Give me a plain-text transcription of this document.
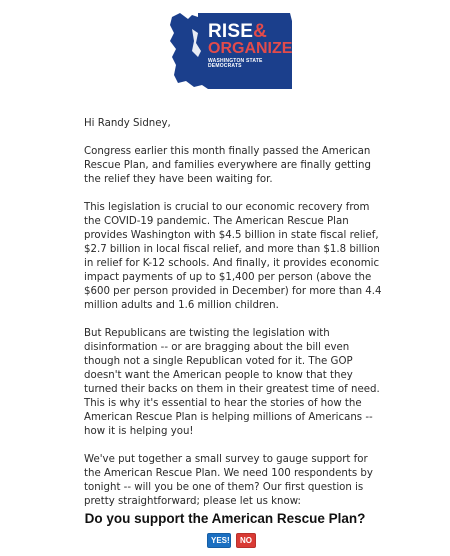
RISE&
ORGANIZE
WASHINGTON STATE DEMOCRATS

Hi Randy Sidney,

Congress earlier this month finally passed the American Rescue Plan, and families everywhere are finally getting the relief they have been waiting for.

This legislation is crucial to our economic recovery from the COVID-19 pandemic. The American Rescue Plan provides Washington with $4.5 billion in state fiscal relief, $2.7 billion in local fiscal relief, and more than $1.8 billion in relief for K-12 schools. And finally, it provides economic impact payments of up to $1,400 per person (above the $600 per person provided in December) for more than 4.4 million adults and 1.6 million children.

But Republicans are twisting the legislation with disinformation -- or are bragging about the bill even though not a single Republican voted for it. The GOP doesn't want the American people to know that they turned their backs on them in their greatest time of need. This is why it's essential to hear the stories of how the American Rescue Plan is helping millions of Americans -- how it is helping you!

We've put together a small survey to gauge support for the American Rescue Plan. We need 100 respondents by tonight -- will you be one of them? Our first question is pretty straightforward; please let us know:

Do you support the American Rescue Plan?
YES!	NO
